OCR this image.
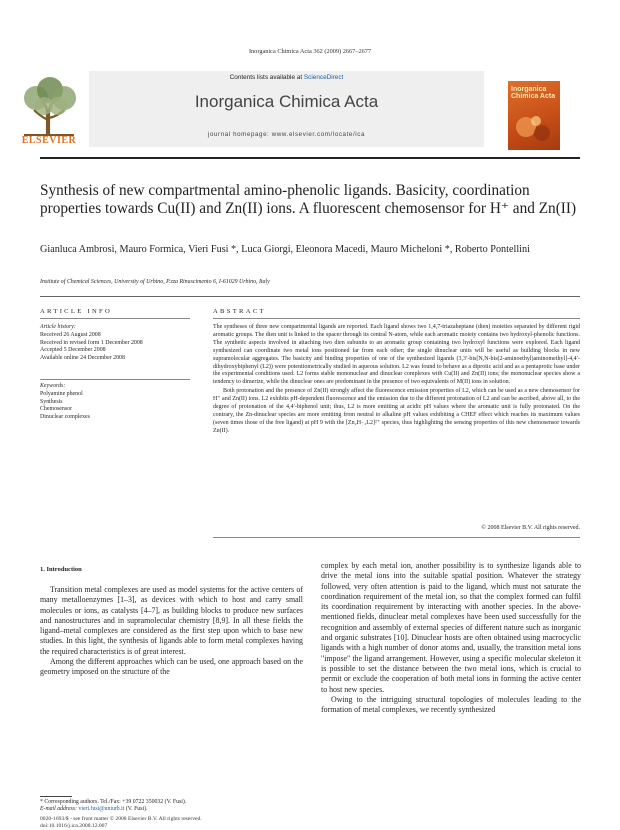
Inorganica Chimica Acta 362 (2009) 2667–2677
ELSEVIER
Contents lists available at ScienceDirect
Inorganica Chimica Acta
journal homepage: www.elsevier.com/locate/ica
Inorganica Chimica Acta
Synthesis of new compartmental amino-phenolic ligands. Basicity, coordination properties towards Cu(II) and Zn(II) ions. A fluorescent chemosensor for H⁺ and Zn(II)
Gianluca Ambrosi, Mauro Formica, Vieri Fusi *, Luca Giorgi, Eleonora Macedi, Mauro Micheloni *, Roberto Pontellini
Institute of Chemical Sciences, University of Urbino, P.zza Rinascimento 6, I-61029 Urbino, Italy
ARTICLE INFO
Article history:
Received 26 August 2008
Received in revised form 1 December 2008
Accepted 5 December 2008
Available online 24 December 2008
Keywords:
Polyamine phenol
Synthesis
Chemosensor
Dinuclear complexes
ABSTRACT

The syntheses of three new compartmental ligands are reported. Each ligand shows two 1,4,7-triazaheptane (dien) moieties separated by different rigid aromatic groups. The dien unit is linked to the spacer through its central N-atom, while each aromatic moiety contains two hydroxyl-phenolic functions. The synthetic aspects involved in attaching two dien subunits to an aromatic group containing two hydroxyl functions were explored. Each ligand synthesized can coordinate two metal ions positioned far from each other; the single dinuclear units will be useful as building blocks in new supramolecular aggregates. The basicity and binding properties of one of the synthesized ligands (3,3′-bis[N,N-bis(2-aminoethyl)aminomethyl]-4,4′-dihydroxybiphenyl (L2)) were potentiometrically studied in aqueous solution. L2 was found to behave as a diprotic acid and as a pentaprotic base under the experimental conditions used. L2 forms stable mononuclear and dinuclear complexes with Cu(II) and Zn(II) ions; the mononuclear species show a tendency to dimerize, while the dinuclear ones are predominant in the presence of two equivalents of M(II) ions in solution.

Both protonation and the presence of Zn(II) strongly affect the fluorescence emission properties of L2, which can be used as a new chemosensor for H⁺ and Zn(II) ions. L2 exhibits pH-dependent fluorescence and the emission due to the different protonation of L2 and can be ascribed, above all, to the degree of protonation of the 4,4′-biphenol unit; thus, L2 is more emitting at acidic pH values where the aromatic unit is fully protonated. On the contrary, the Zn-dinuclear species are more emitting from neutral to alkaline pH values exhibiting a CHEF effect which reaches its maximum values (seven times those of the free ligand) at pH 9 with the [Zn₂H₋₂L2]²⁺ species, thus highlighting the sensing properties of this new chemosensor towards Zn(II).

© 2008 Elsevier B.V. All rights reserved.
1. Introduction

Transition metal complexes are used as model systems for the active centers of many metalloenzymes [1–3], as devices with which to host and carry small molecules or ions, as catalysts [4–7], as building blocks to produce new surfaces and nanostructures and in supramolecular chemistry [8,9]. In all these fields the ligand–metal complexes are considered as the first step upon which to base new studies. In this light, the synthesis of ligands able to form metal complexes having the required characteristics is of great interest.

Among the different approaches which can be used, one approach based on the geometry imposed on the structure of the

complex by each metal ion, another possibility is to synthesize ligands able to drive the metal ions into the suitable spatial position. Whatever the strategy followed, very often attention is paid to the ligand, which must not saturate the coordination requirement of the metal ion, so that the complex formed can fulfil its coordination requirement by interacting with another species. In the above-mentioned fields, dinuclear metal complexes have been used successfully for the recognition and assembly of external species of different nature such as inorganic and organic substrates [10]. Dinuclear hosts are often obtained using macrocyclic ligands with a high number of donor atoms and, usually, the transition metal ions "impose" the ligand arrangement. However, using a specific molecular skeleton it is possible to set the distance between the two metal ions, which is crucial to permit or exclude the cooperation of both metal ions in forming the active center to host new species.

Owing to the intriguing structural topologies of molecules leading to the formation of metal complexes, we recently synthesized

* Corresponding authors. Tel./Fax: +39 0722 350032 (V. Fusi).
E-mail address: vieri.fusi@uniurb.it (V. Fusi).
0020-1693/$ - see front matter © 2008 Elsevier B.V. All rights reserved.
doi:10.1016/j.ica.2008.12.007
